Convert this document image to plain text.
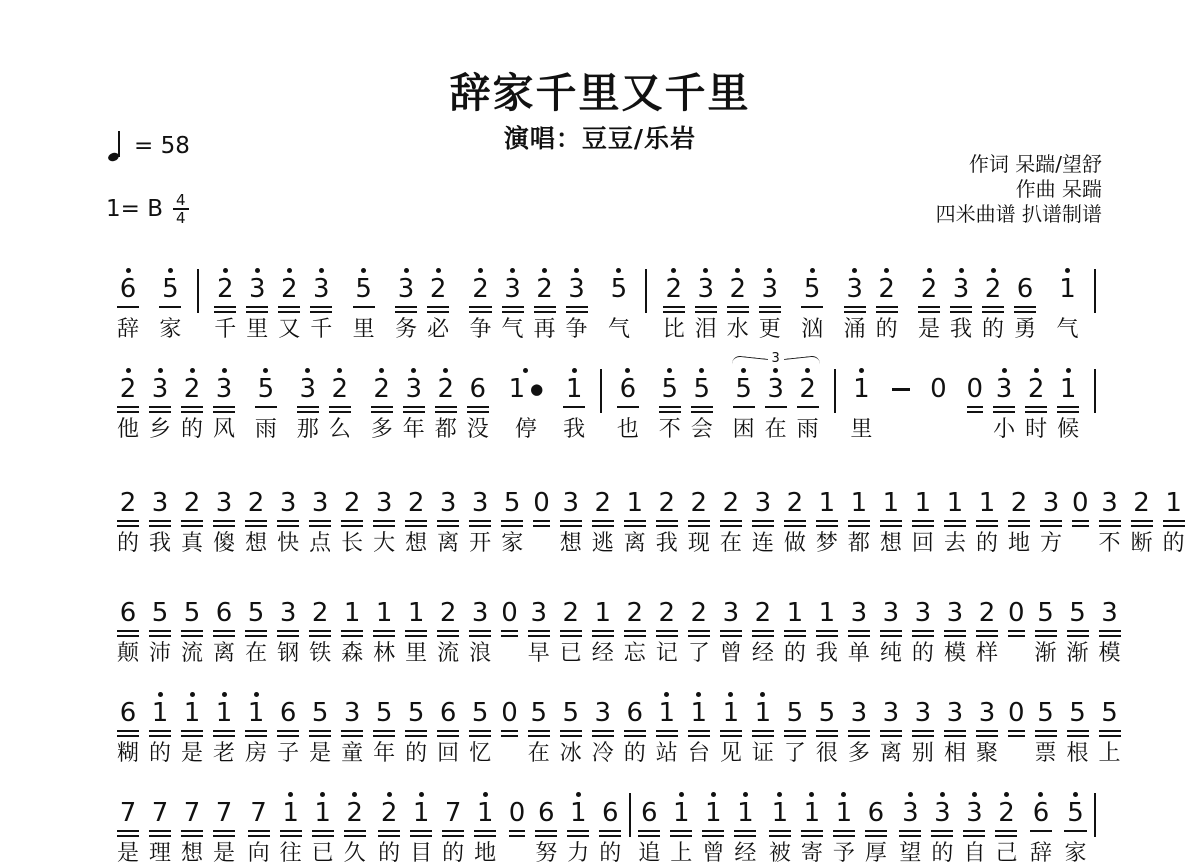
辞家千里又千里
演唱：豆豆/乐岩
= 58
1= B $\frac{4}{4}$
作词 呆踹/望舒
作曲 呆踹
四米曲谱 扒谱制谱
6
辞
5
家
2
千
3
里
2
又
3
千
5
里
3
务
2
必
2
争
3
气
2
再
3
争
5
气
2
比
3
泪
2
水
3
更
5
汹
3
涌
2
的
2
是
3
我
2
的
6
勇
1
气
2
他
3
乡
2
的
3
风
5
雨
3
那
2
么
2
多
3
年
2
都
6
没
1 ●
停
1
我
6
也
5
不
5
会
5
困
3
在
3
2
雨
1
里
0
0
3
小
2
时
1
候
2
的
3
我
2
真
3
傻
2
想
3
快
3
点
2
长
3
大
2
想
3
离
3
开
5
家
0
3
想
2
逃
1
离
2
我
2
现
2
在
3
连
2
做
1
梦
1
都
1
想
1
回
1
去
1
的
2
地
3
方
0
3
不
2
断
1
的
6
颠
5
沛
5
流
6
离
5
在
3
钢
2
铁
1
森
1
林
1
里
2
流
3
浪
0
3
早
2
已
1
经
2
忘
2
记
2
了
3
曾
2
经
1
的
1
我
3
单
3
纯
3
的
3
模
2
样
0
5
渐
5
渐
3
模
6
糊
1
的
1
是
1
老
1
房
6
子
5
是
3
童
5
年
5
的
6
回
5
忆
0
5
在
5
冰
3
冷
6
的
1
站
1
台
1
见
1
证
5
了
5
很
3
多
3
离
3
别
3
相
3
聚
0
5
票
5
根
5
上
7
是
7
理
7
想
7
是
7
向
1
往
1
已
2
久
2
的
1
目
7
的
1
地
0
6
努
1
力
6
的
6
追
1
上
1
曾
1
经
1
被
1
寄
1
予
6
厚
3
望
3
的
3
自
2
己
6
辞
5
家
